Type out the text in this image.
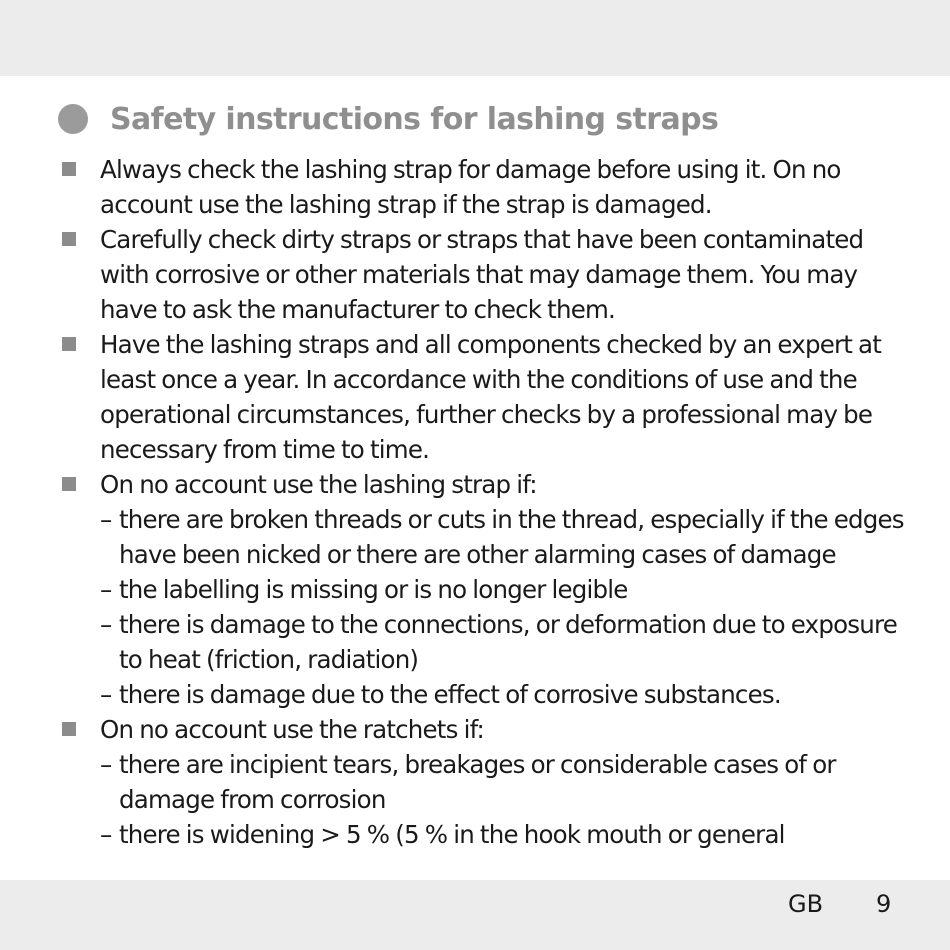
Safety instructions for lashing straps
Always check the lashing strap for damage before using it. On no
account use the lashing strap if the strap is damaged.
Carefully check dirty straps or straps that have been contaminated
with corrosive or other materials that may damage them. You may
have to ask the manufacturer to check them.
Have the lashing straps and all components checked by an expert at
least once a year. In accordance with the conditions of use and the
operational circumstances, further checks by a professional may be
necessary from time to time.
On no account use the lashing strap if:
– there are broken threads or cuts in the thread, especially if the edges
have been nicked or there are other alarming cases of damage
– the labelling is missing or is no longer legible
– there is damage to the connections, or deformation due to exposure
to heat (friction, radiation)
– there is damage due to the effect of corrosive substances.
On no account use the ratchets if:
– there are incipient tears, breakages or considerable cases of or
damage from corrosion
– there is widening > 5 % (5 % in the hook mouth or general
GB 9
